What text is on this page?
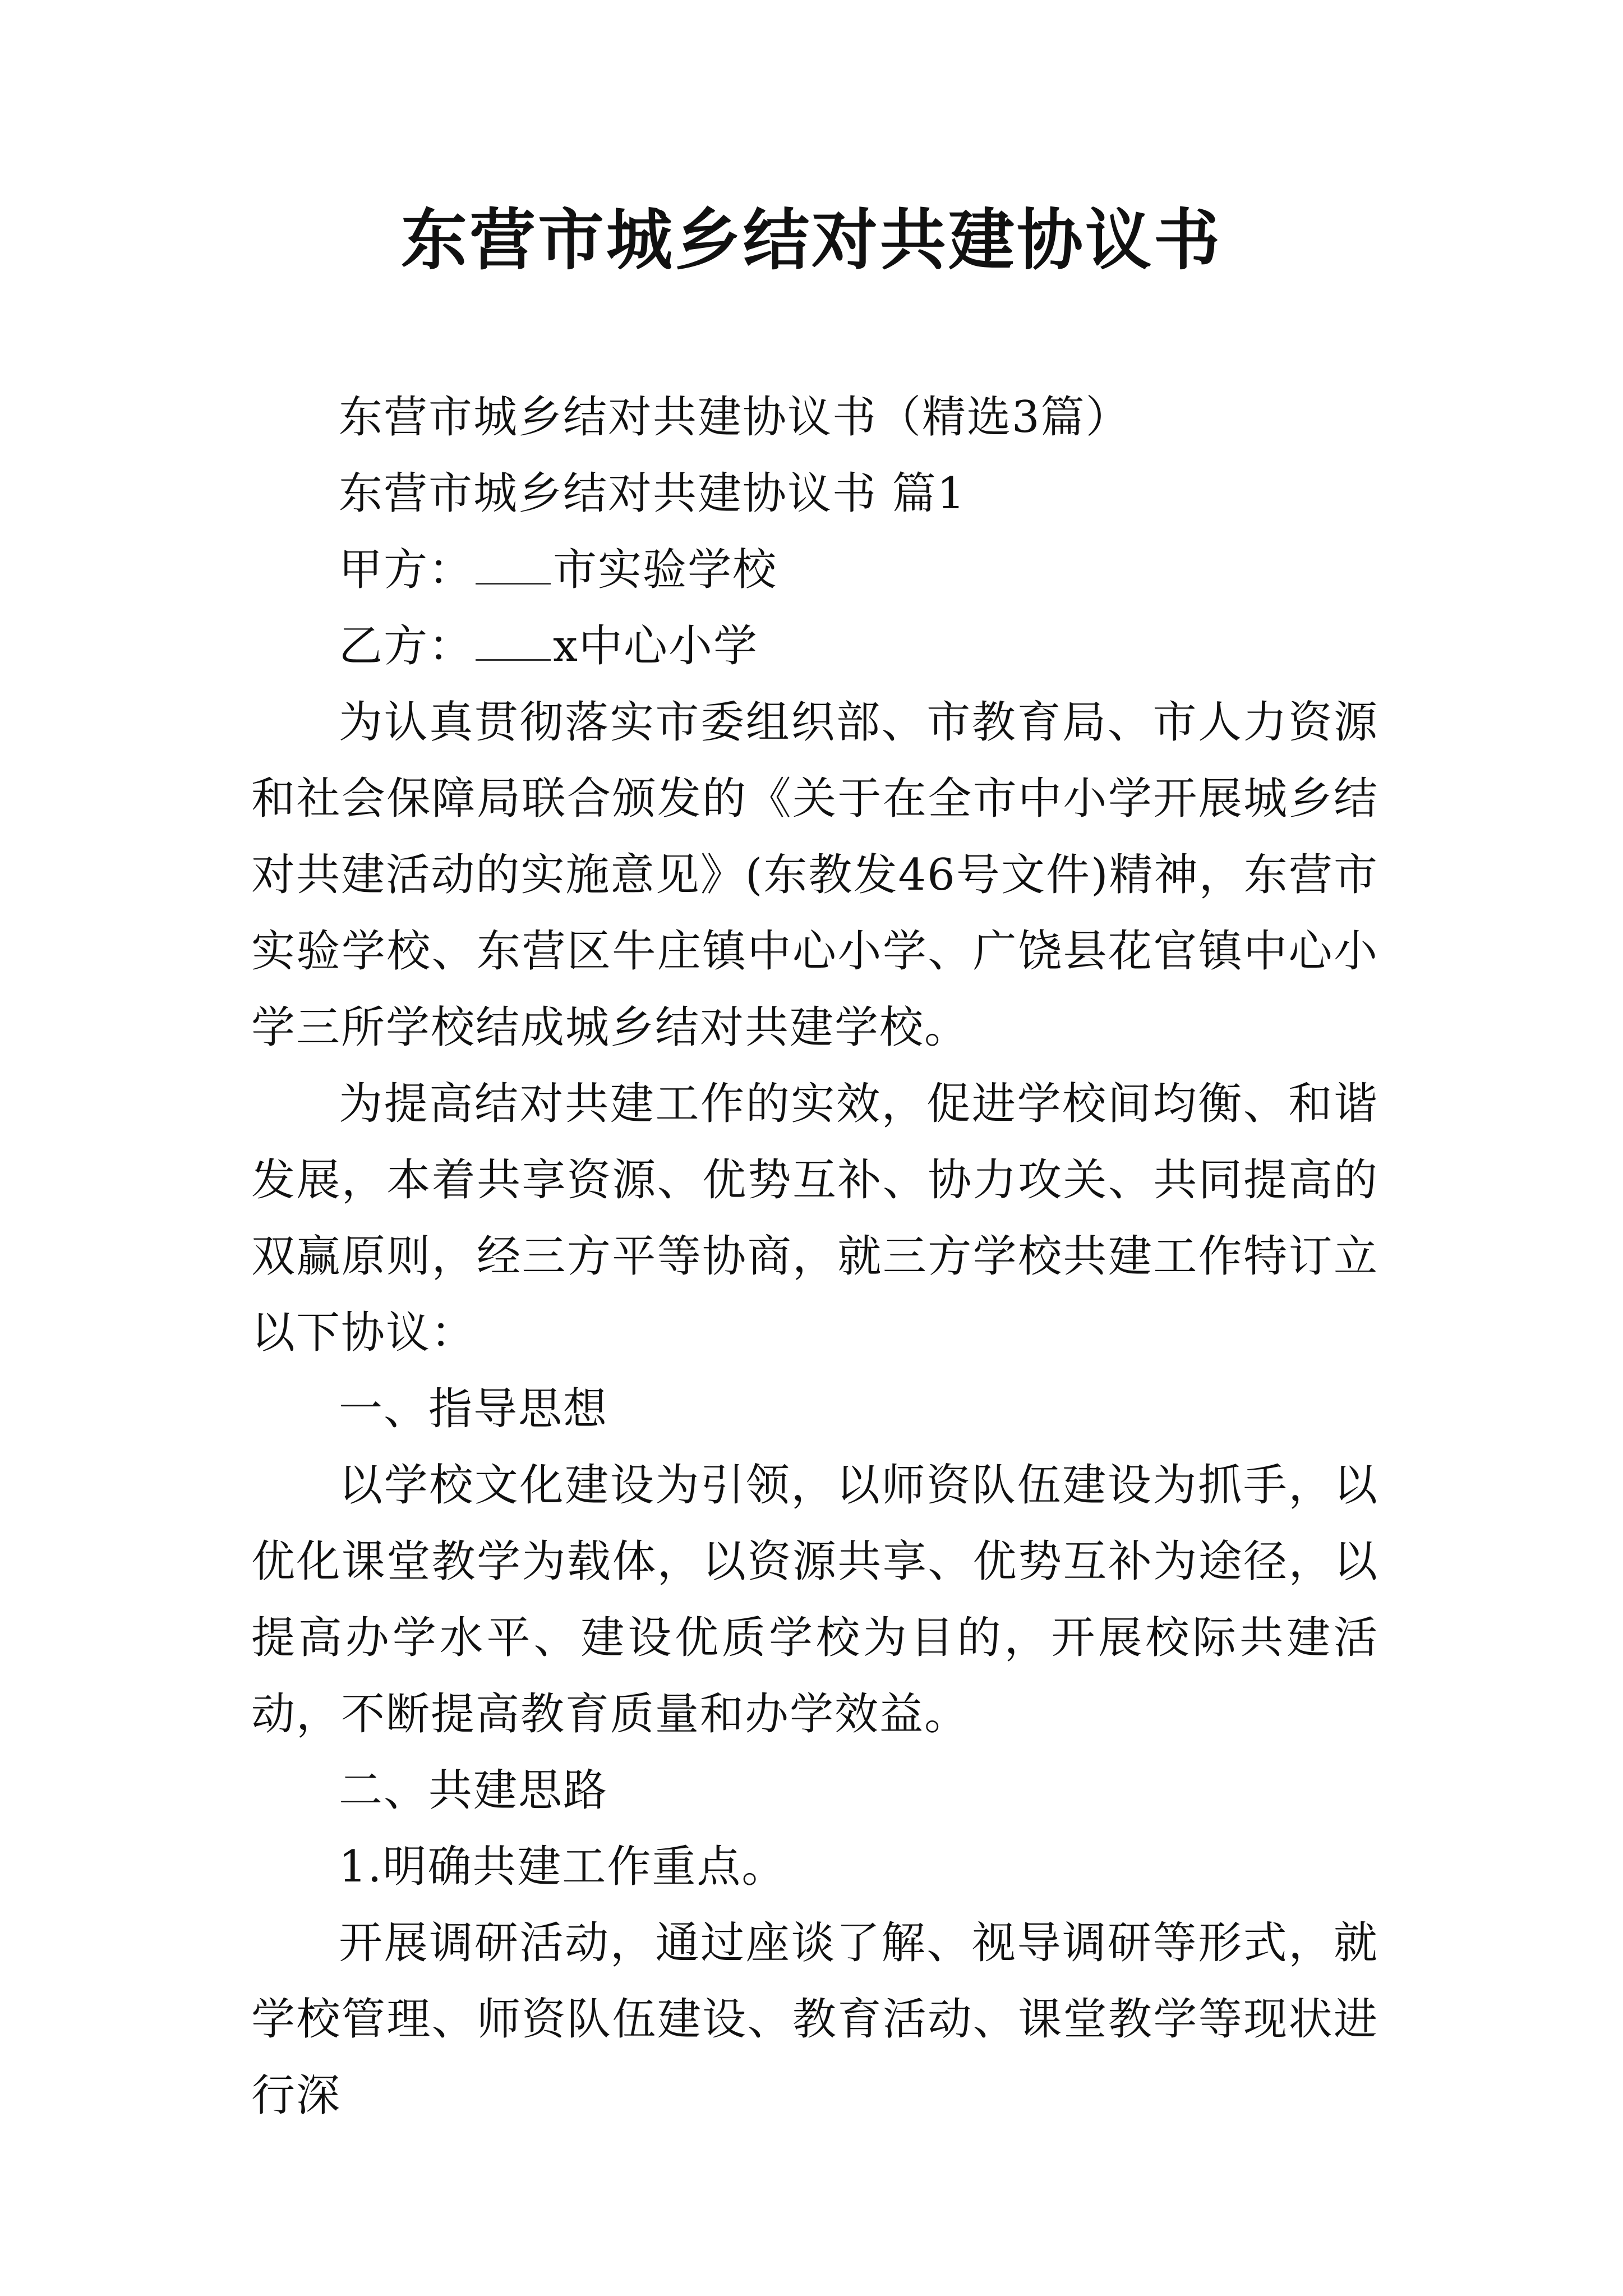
东营市城乡结对共建协议书

东营市城乡结对共建协议书（精选3篇）

东营市城乡结对共建协议书 篇1

甲方： 市实验学校

乙方： x中心小学

为认真贯彻落实市委组织部、市教育局、市人力资源和社会保障局联合颁发的《关于在全市中小学开展城乡结对共建活动的实施意见》(东教发46号文件)精神，东营市实验学校、东营区牛庄镇中心小学、广饶县花官镇中心小学三所学校结成城乡结对共建学校。

为提高结对共建工作的实效，促进学校间均衡、和谐发展，本着共享资源、优势互补、协力攻关、共同提高的双赢原则，经三方平等协商，就三方学校共建工作特订立以下协议：

一、指导思想

以学校文化建设为引领，以师资队伍建设为抓手，以优化课堂教学为载体，以资源共享、优势互补为途径，以提高办学水平、建设优质学校为目的，开展校际共建活动，不断提高教育质量和办学效益。

二、共建思路

1.明确共建工作重点。

开展调研活动，通过座谈了解、视导调研等形式，就学校管理、师资队伍建设、教育活动、课堂教学等现状进行深
